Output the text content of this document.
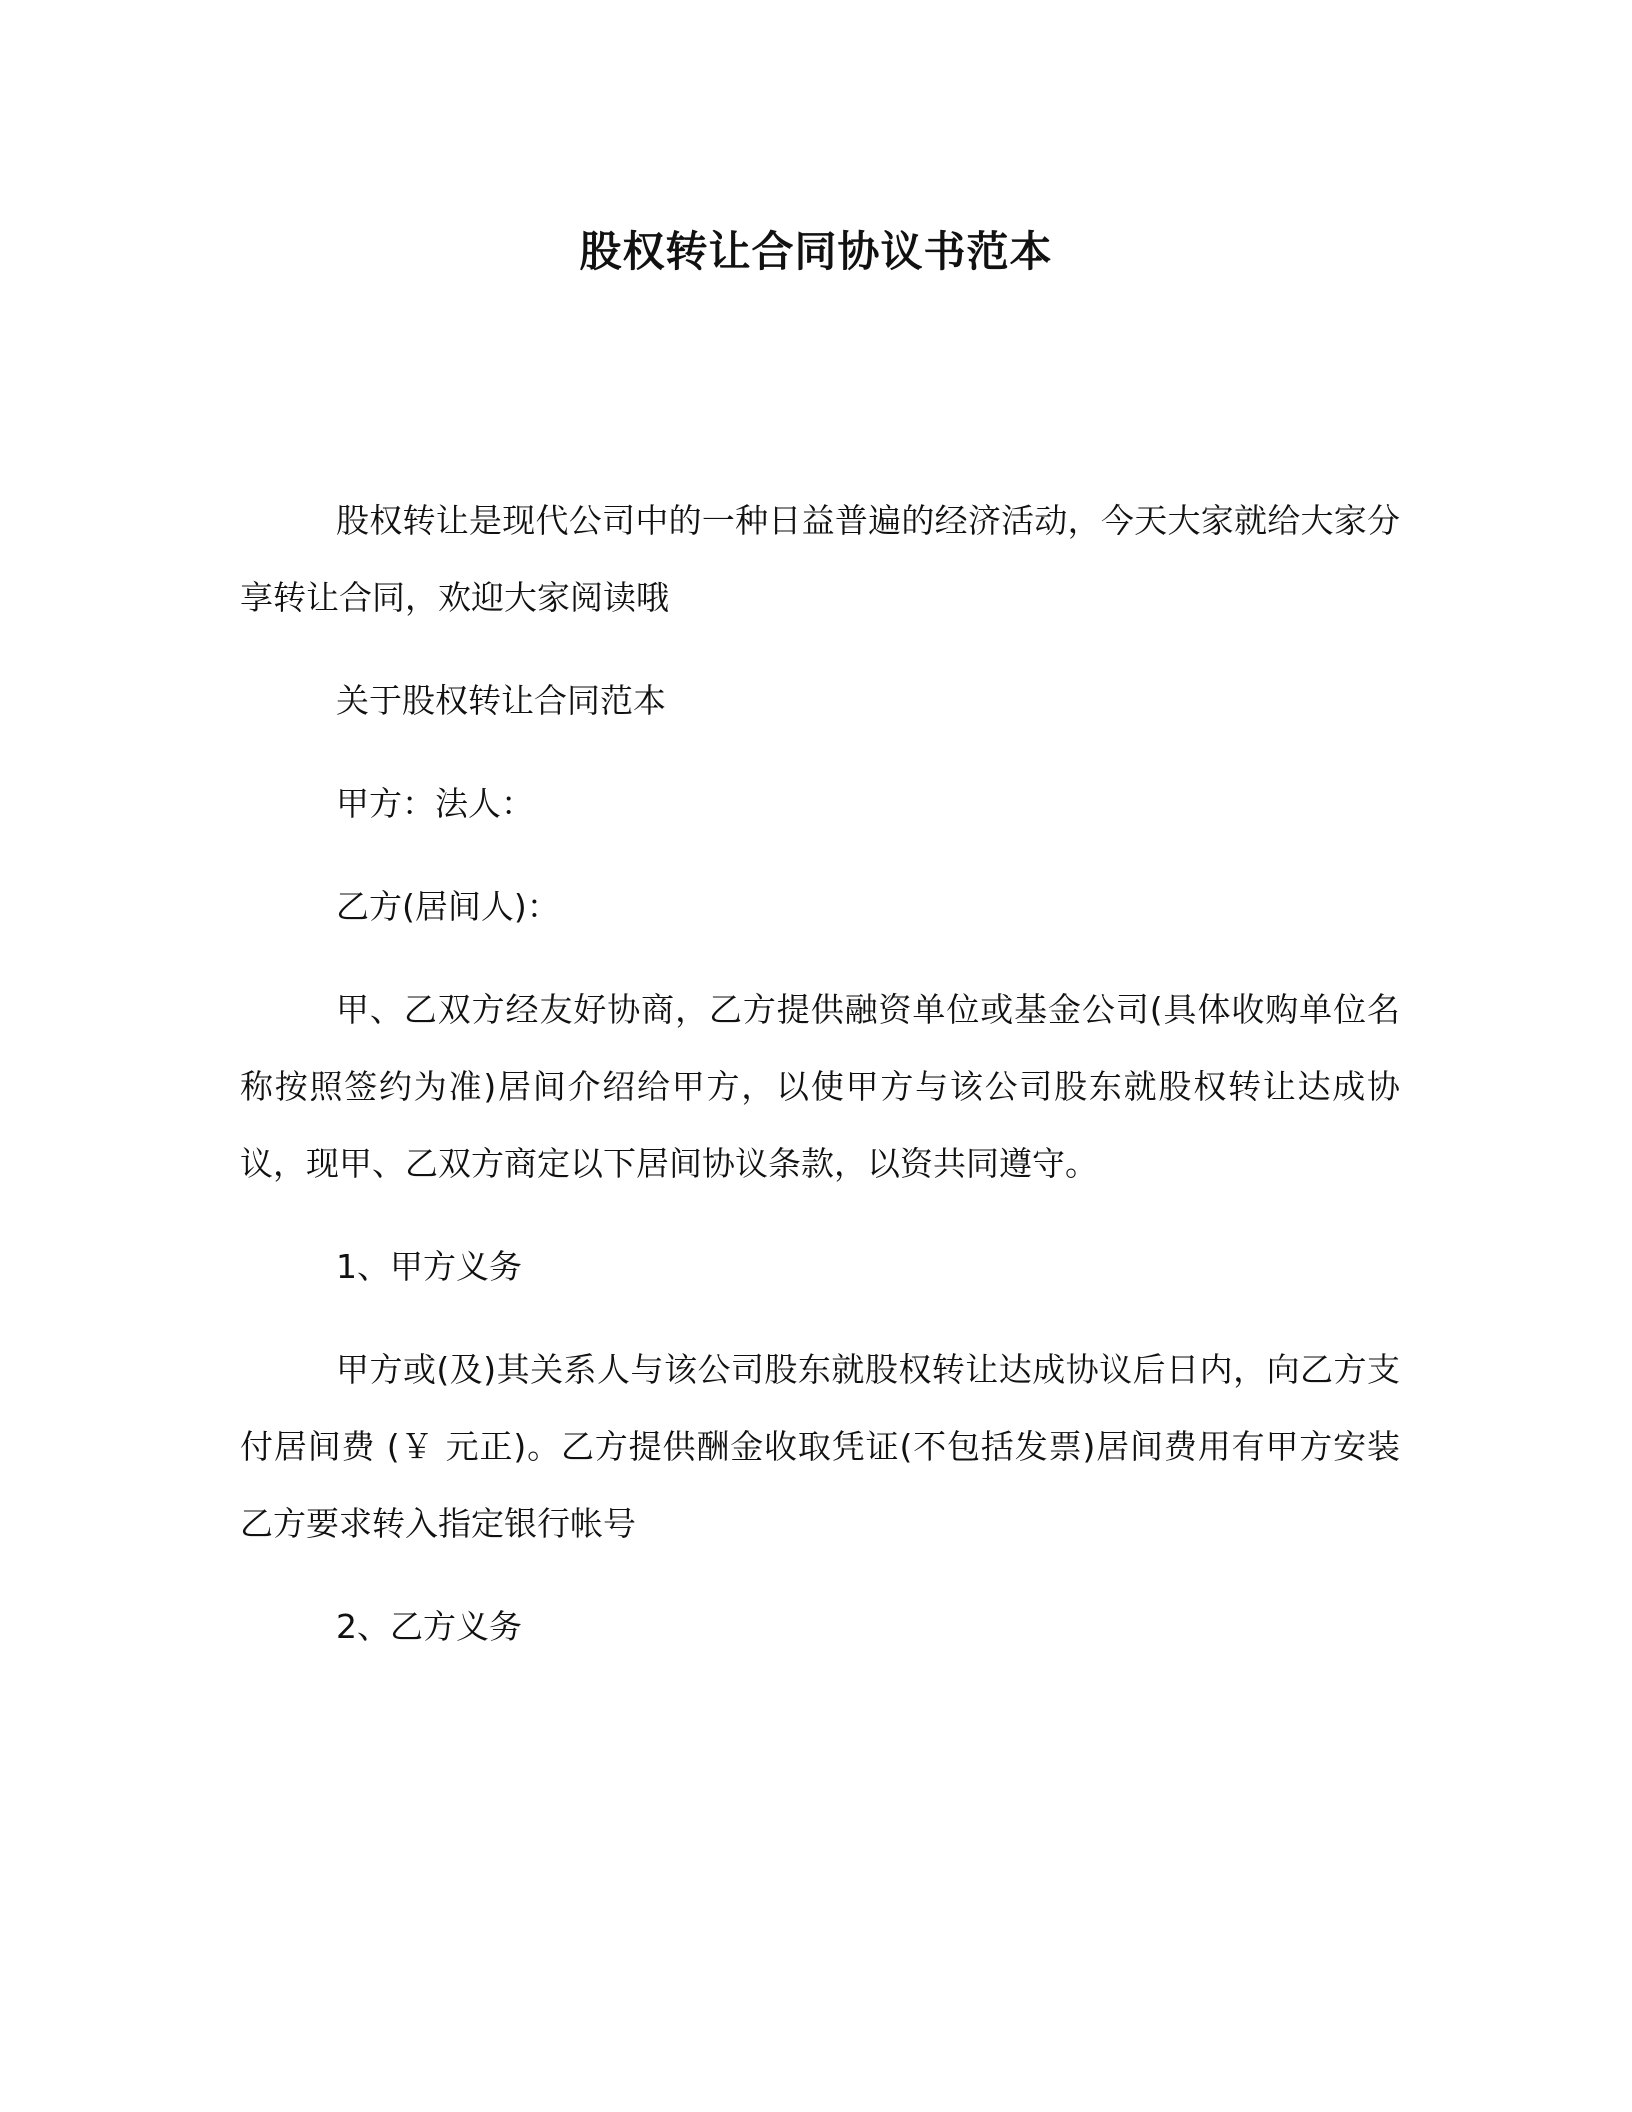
股权转让合同协议书范本

股权转让是现代公司中的一种日益普遍的经济活动，今天大家就给大家分享转让合同，欢迎大家阅读哦

关于股权转让合同范本

甲方：法人：

乙方(居间人)：

甲、乙双方经友好协商，乙方提供融资单位或基金公司(具体收购单位名称按照签约为准)居间介绍给甲方，以使甲方与该公司股东就股权转让达成协议，现甲、乙双方商定以下居间协议条款，以资共同遵守。

1、甲方义务

甲方或(及)其关系人与该公司股东就股权转让达成协议后日内，向乙方支付居间费 (￥ 元正)。乙方提供酬金收取凭证(不包括发票)居间费用有甲方安装乙方要求转入指定银行帐号

2、乙方义务
